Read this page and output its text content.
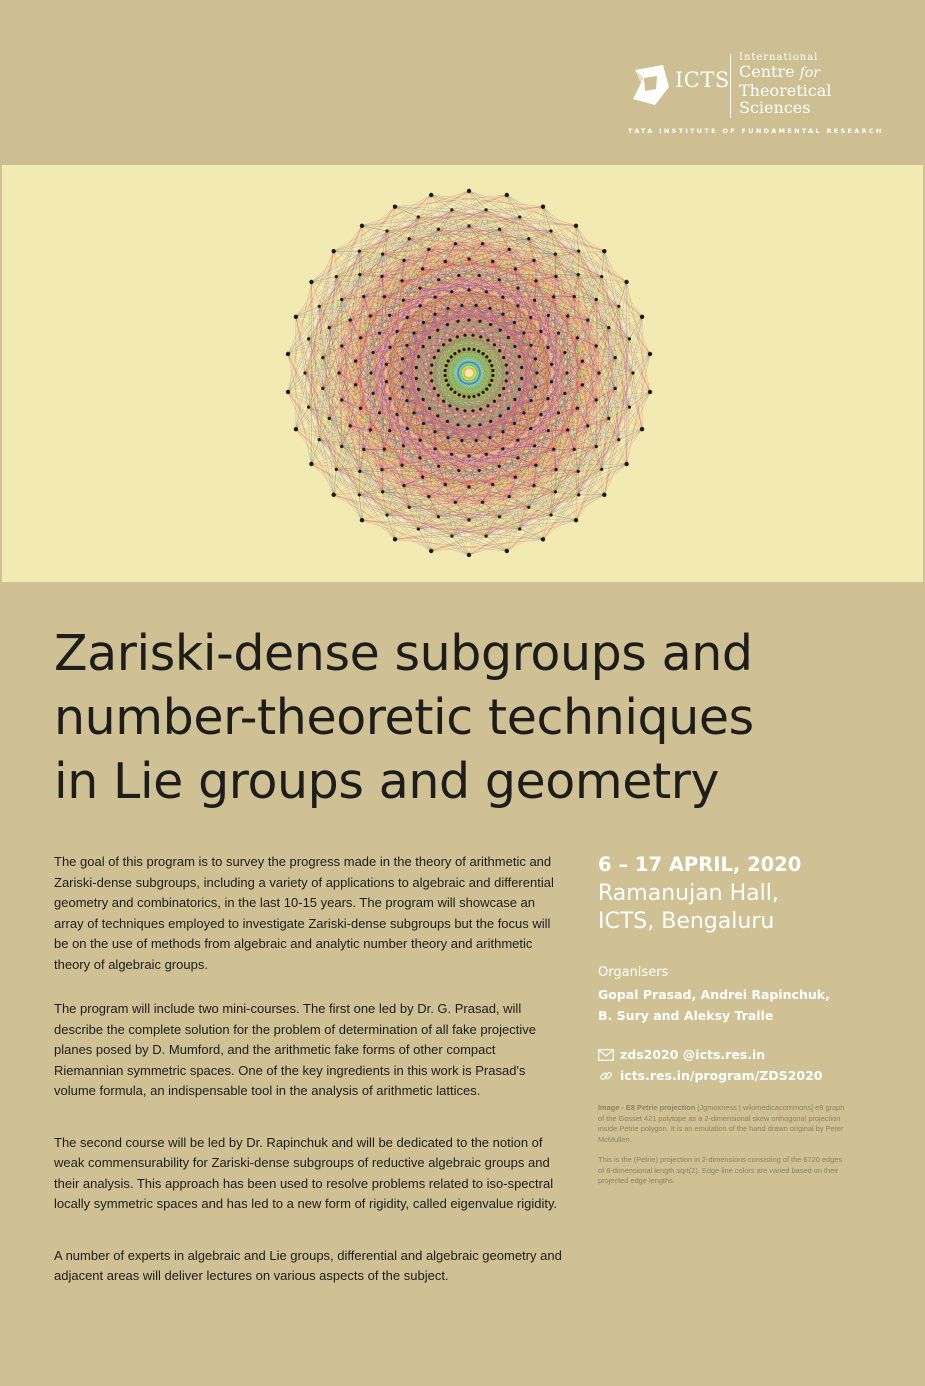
ICTS
International
Centre for
Theoretical
Sciences
TATA INSTITUTE OF FUNDAMENTAL RESEARCH
Zariski-dense subgroups and
number-theoretic techniques
in Lie groups and geometry

The goal of this program is to survey the progress made in the theory of arithmetic and Zariski-dense subgroups, including a variety of applications to algebraic and differential geometry and combinatorics, in the last 10-15 years. The program will showcase an array of techniques employed to investigate Zariski-dense subgroups but the focus will be on the use of methods from algebraic and analytic number theory and arithmetic theory of algebraic groups.

The program will include two mini-courses. The first one led by Dr. G. Prasad, will describe the complete solution for the problem of determination of all fake projective planes posed by D. Mumford, and the arithmetic fake forms of other compact Riemannian symmetric spaces. One of the key ingredients in this work is Prasad's volume formula, an indispensable tool in the analysis of arithmetic lattices.

The second course will be led by Dr. Rapinchuk and will be dedicated to the notion of weak commensurability for Zariski-dense subgroups of reductive algebraic groups and their analysis. This approach has been used to resolve problems related to iso-spectral locally symmetric spaces and has led to a new form of rigidity, called eigenvalue rigidity.

A number of experts in algebraic and Lie groups, differential and algebraic geometry and adjacent areas will deliver lectures on various aspects of the subject.

6 – 17 APRIL, 2020

Ramanujan Hall,
ICTS, Bengaluru

Organisers
Gopal Prasad, Andrei Rapinchuk,
B. Sury and Aleksy Tralle
zds2020 @icts.res.in
icts.res.in/program/ZDS2020

Image - E8 Petrie projection [Jgmoxness | wikimedicacommons] e8 graph of the Gosset 421 polytope as a 2-dimensional skew orthogonal projection inside Petrie polygon. It is an emulation of the hand drawn original by Peter McMullen.

This is the (Petrie) projection in 2-dimensions consisting of the 6720 edges of 8-dimensional length sqrt(2). Edge line colors are varied based on their projected edge lengths.
